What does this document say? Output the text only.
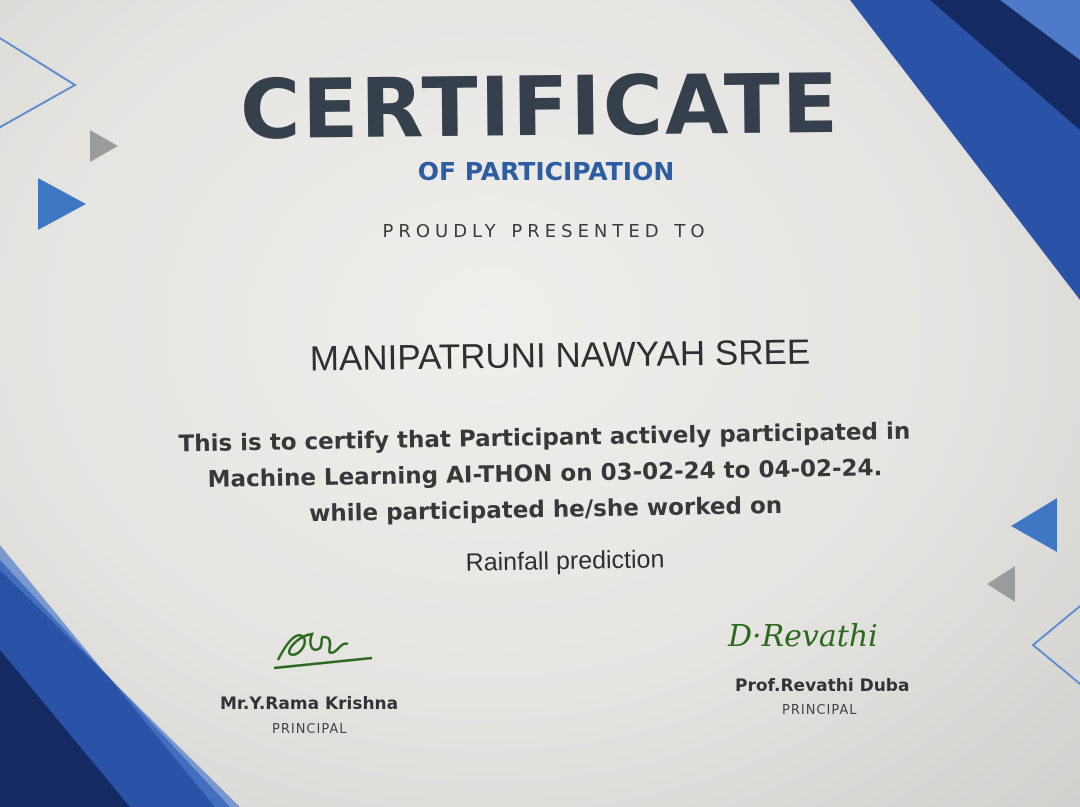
CERTIFICATE
OF PARTICIPATION
PROUDLY PRESENTED TO
MANIPATRUNI NAWYAH SREE
This is to certify that Participant actively participated in
Machine Learning AI-THON on 03-02-24 to 04-02-24.
while participated he/she worked on
Rainfall prediction
Mr.Y.Rama Krishna
PRINCIPAL
D·Revathi
Prof.Revathi Duba
PRINCIPAL
